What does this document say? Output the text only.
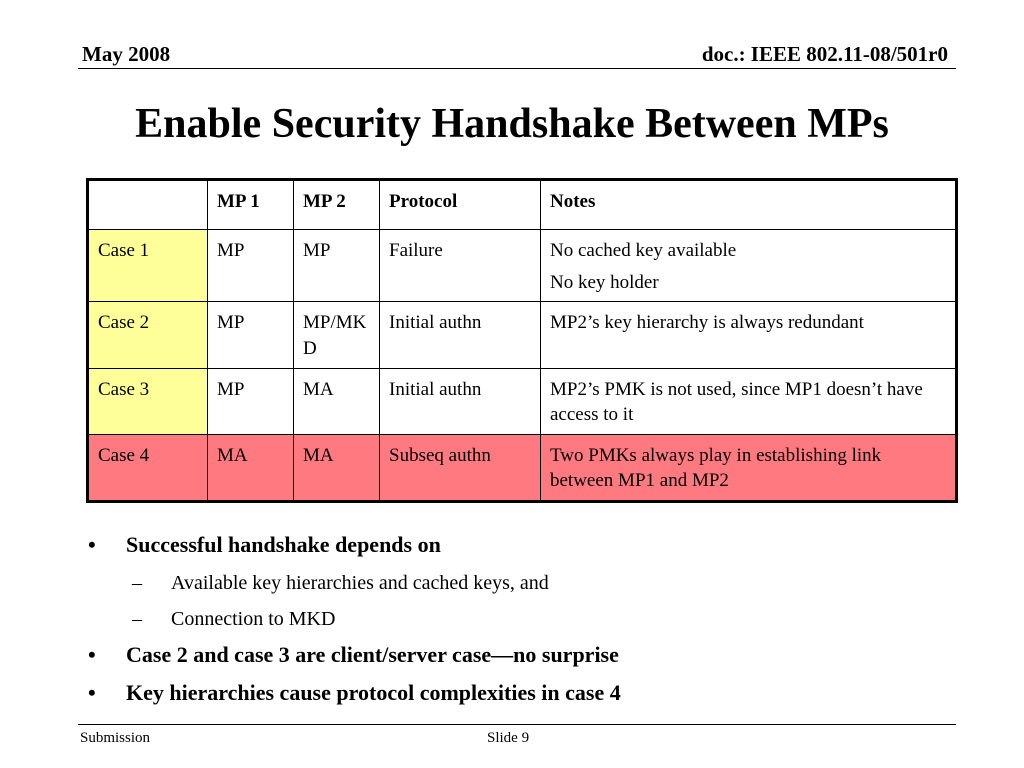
May 2008	doc.: IEEE 802.11-08/501r0
Enable Security Handshake Between MPs
	MP 1	MP 2	Protocol	Notes
Case 1	MP	MP	Failure	No cached key available
No key holder

Case 2	MP	MP/MKD	Initial authn	MP2’s key hierarchy is always redundant

Case 3	MP	MA	Initial authn	MP2’s PMK is not used, since MP1 doesn’t have access to it

Case 4	MA	MA	Subseq authn	Two PMKs always play in establishing link between MP1 and MP2

• Successful handshake depends on

– Available key hierarchies and cached keys, and

– Connection to MKD

• Case 2 and case 3 are client/server case—no surprise

• Key hierarchies cause protocol complexities in case 4

Submission	Slide 9
